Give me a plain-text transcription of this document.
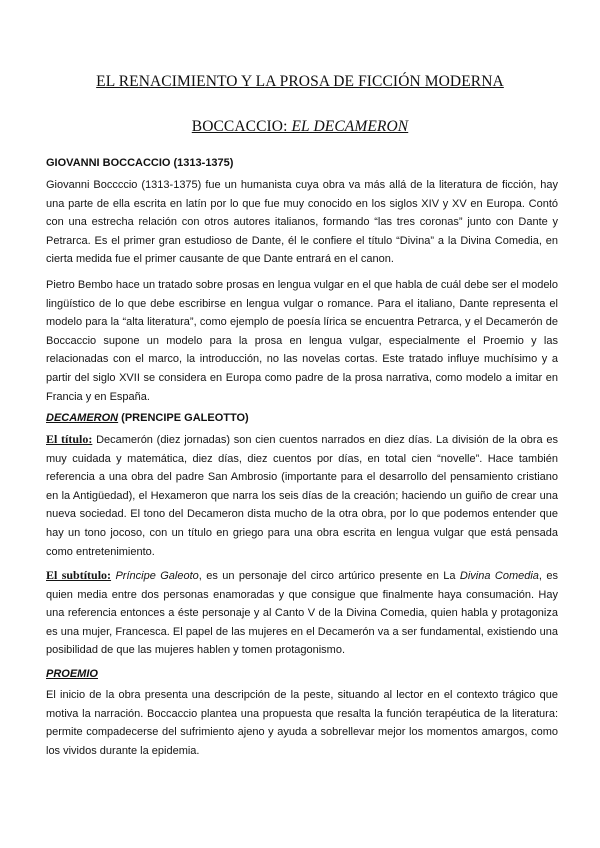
EL RENACIMIENTO Y LA PROSA DE FICCIÓN MODERNA
BOCCACCIO: EL DECAMERON
GIOVANNI BOCCACCIO (1313-1375)

Giovanni Boccccio (1313-1375) fue un humanista cuya obra va más allá de la literatura de ficción, hay una parte de ella escrita en latín por lo que fue muy conocido en los siglos XIV y XV en Europa. Contó con una estrecha relación con otros autores italianos, formando “las tres coronas” junto con Dante y Petrarca. Es el primer gran estudioso de Dante, él le confiere el título “Divina” a la Divina Comedia, en cierta medida fue el primer causante de que Dante entrará en el canon.

Pietro Bembo hace un tratado sobre prosas en lengua vulgar en el que habla de cuál debe ser el modelo lingüístico de lo que debe escribirse en lengua vulgar o romance. Para el italiano, Dante representa el modelo para la “alta literatura”, como ejemplo de poesía lírica se encuentra Petrarca, y el Decamerón de Boccaccio supone un modelo para la prosa en lengua vulgar, especialmente el Proemio y las relacionadas con el marco, la introducción, no las novelas cortas. Este tratado influye muchísimo y a partir del siglo XVII se considera en Europa como padre de la prosa narrativa, como modelo a imitar en Francia y en España.

DECAMERON (PRENCIPE GALEOTTO)

El título: Decamerón (diez jornadas) son cien cuentos narrados en diez días. La división de la obra es muy cuidada y matemática, diez días, diez cuentos por días, en total cien “novelle”. Hace también referencia a una obra del padre San Ambrosio (importante para el desarrollo del pensamiento cristiano en la Antigüedad), el Hexameron que narra los seis días de la creación; haciendo un guiño de crear una nueva sociedad. El tono del Decameron dista mucho de la otra obra, por lo que podemos entender que hay un tono jocoso, con un título en griego para una obra escrita en lengua vulgar que está pensada como entretenimiento.

El subtítulo: Príncipe Galeoto, es un personaje del circo artúrico presente en La Divina Comedia, es quien media entre dos personas enamoradas y que consigue que finalmente haya consumación. Hay una referencia entonces a éste personaje y al Canto V de la Divina Comedia, quien habla y protagoniza es una mujer, Francesca. El papel de las mujeres en el Decamerón va a ser fundamental, existiendo una posibilidad de que las mujeres hablen y tomen protagonismo.

PROEMIO

El inicio de la obra presenta una descripción de la peste, situando al lector en el contexto trágico que motiva la narración. Boccaccio plantea una propuesta que resalta la función terapéutica de la literatura: permite compadecerse del sufrimiento ajeno y ayuda a sobrellevar mejor los momentos amargos, como los vividos durante la epidemia.
